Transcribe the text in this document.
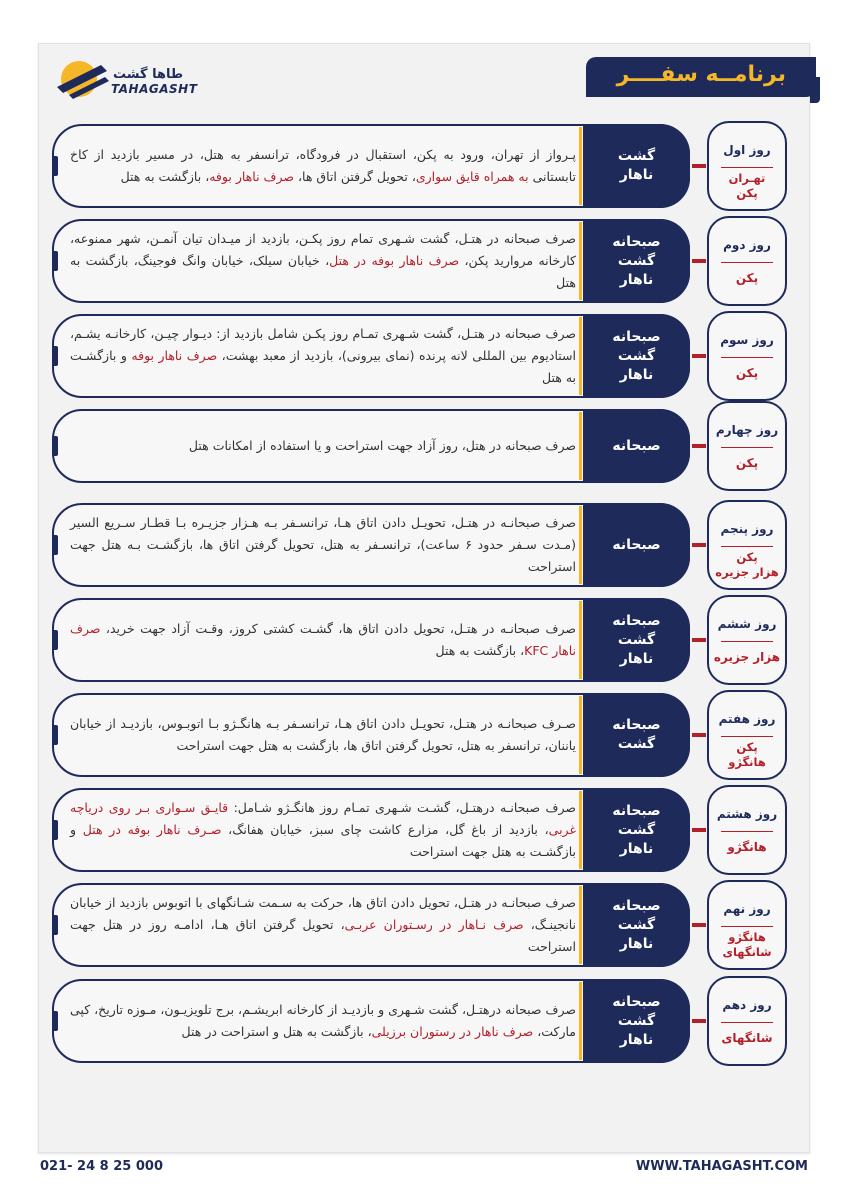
طاها گشت
TAHAGASHT
برنامــه سفــــر
پـرواز از تهران، ورود به پکن، استقبال در فرودگاه، ترانسفر به هتل، در مسیر بازدید از کاخ تابستانی به همراه قایق سواری، تحویل گرفتن اتاق ها، صرف ناهار بوفه، بازگشت به هتل
گشت
ناهار
روز اول
تهـران
پکن
صرف صبحانه در هتـل، گشت شـهری تمام روز پکـن، بازدید از میـدان تیان آنمـن، شهر ممنوعه، کارخانه مروارید پکن، صرف ناهار بوفه در هتل، خیابان سیلک، خیابان وانگ فوجینگ، بازگشت به هتل
صبحانه
گشت
ناهار
روز دوم
پکن
صرف صبحانه در هتـل، گشت شـهری تمـام روز پکـن شامل بازدید از: دیـوار چیـن، کارخانـه یشـم، استادیوم بین المللی لانه پرنده (نمای بیرونی)، بازدید از معبد بهشت، صرف ناهار بوفه و بازگشـت به هتل
صبحانه
گشت
ناهار
روز سوم
پکن
صرف صبحانه در هتل، روز آزاد جهت استراحت و یا استفاده از امکانات هتل	صبحانه
روز چهارم
پکن
صرف صبحانـه در هتـل، تحویـل دادن اتاق هـا، ترانسـفر بـه هـزار جزیـره بـا قطـار سـریع السیر (مـدت سـفر حدود ۶ ساعت)، ترانسـفر به هتل، تحویل گرفتن اتاق ها، بازگشـت بـه هتل جهت استراحت
صبحانه
روز پنجم
پکن
هزار جزیره
صرف صبحانـه در هتـل، تحویل دادن اتاق ها، گشـت کشتی کروز، وقـت آزاد جهت خرید، صرف ناهار KFC، بازگشت به هتل
صبحانه
گشت
ناهار
روز ششم
هزار جزیره
صـرف صبحانـه در هتـل، تحویـل دادن اتاق هـا، ترانسـفر بـه هانگـژو بـا اتوبـوس، بازدیـد از خیابان یاننان، ترانسفر به هتل، تحویل گرفتن اتاق ها، بازگشت به هتل جهت استراحت
صبحانه
گشت
روز هفتم
پکن
هانگژو
صرف صبحانـه درهتـل، گشـت شـهری تمـام روز هانگـژو شـامل: قایـق سـواری بـر روی دریاچه غربی، بازدید از باغ گل، مزارع کاشت چای سبز، خیابان هفانگ، صـرف ناهار بوفه در هتل و بازگشـت به هتل جهت استراحت
صبحانه
گشت
ناهار
روز هشتم
هانگژو
صرف صبحانـه در هتـل، تحویل دادن اتاق ها، حرکت به سـمت شـانگهای با اتوبوس بازدید از خیابان نانجینـگ، صرف نـاهار در رسـتوران عربـی، تحویل گرفتن اتاق هـا، ادامـه روز در هتل جهت استراحت
صبحانه
گشت
ناهار
روز نهم
هانگژو
شانگهای
صرف صبحانه درهتـل، گشت شـهری و بازدیـد از کارخانه ابریشـم، برج تلویزیـون، مـوزه تاریخ، کپی مارکت، صرف ناهار در رستوران برزیلی، بازگشت به هتل و استراحت در هتل
صبحانه
گشت
ناهار
روز دهم
شانگهای
021- 24 8 25 000	WWW.TAHAGASHT.COM
